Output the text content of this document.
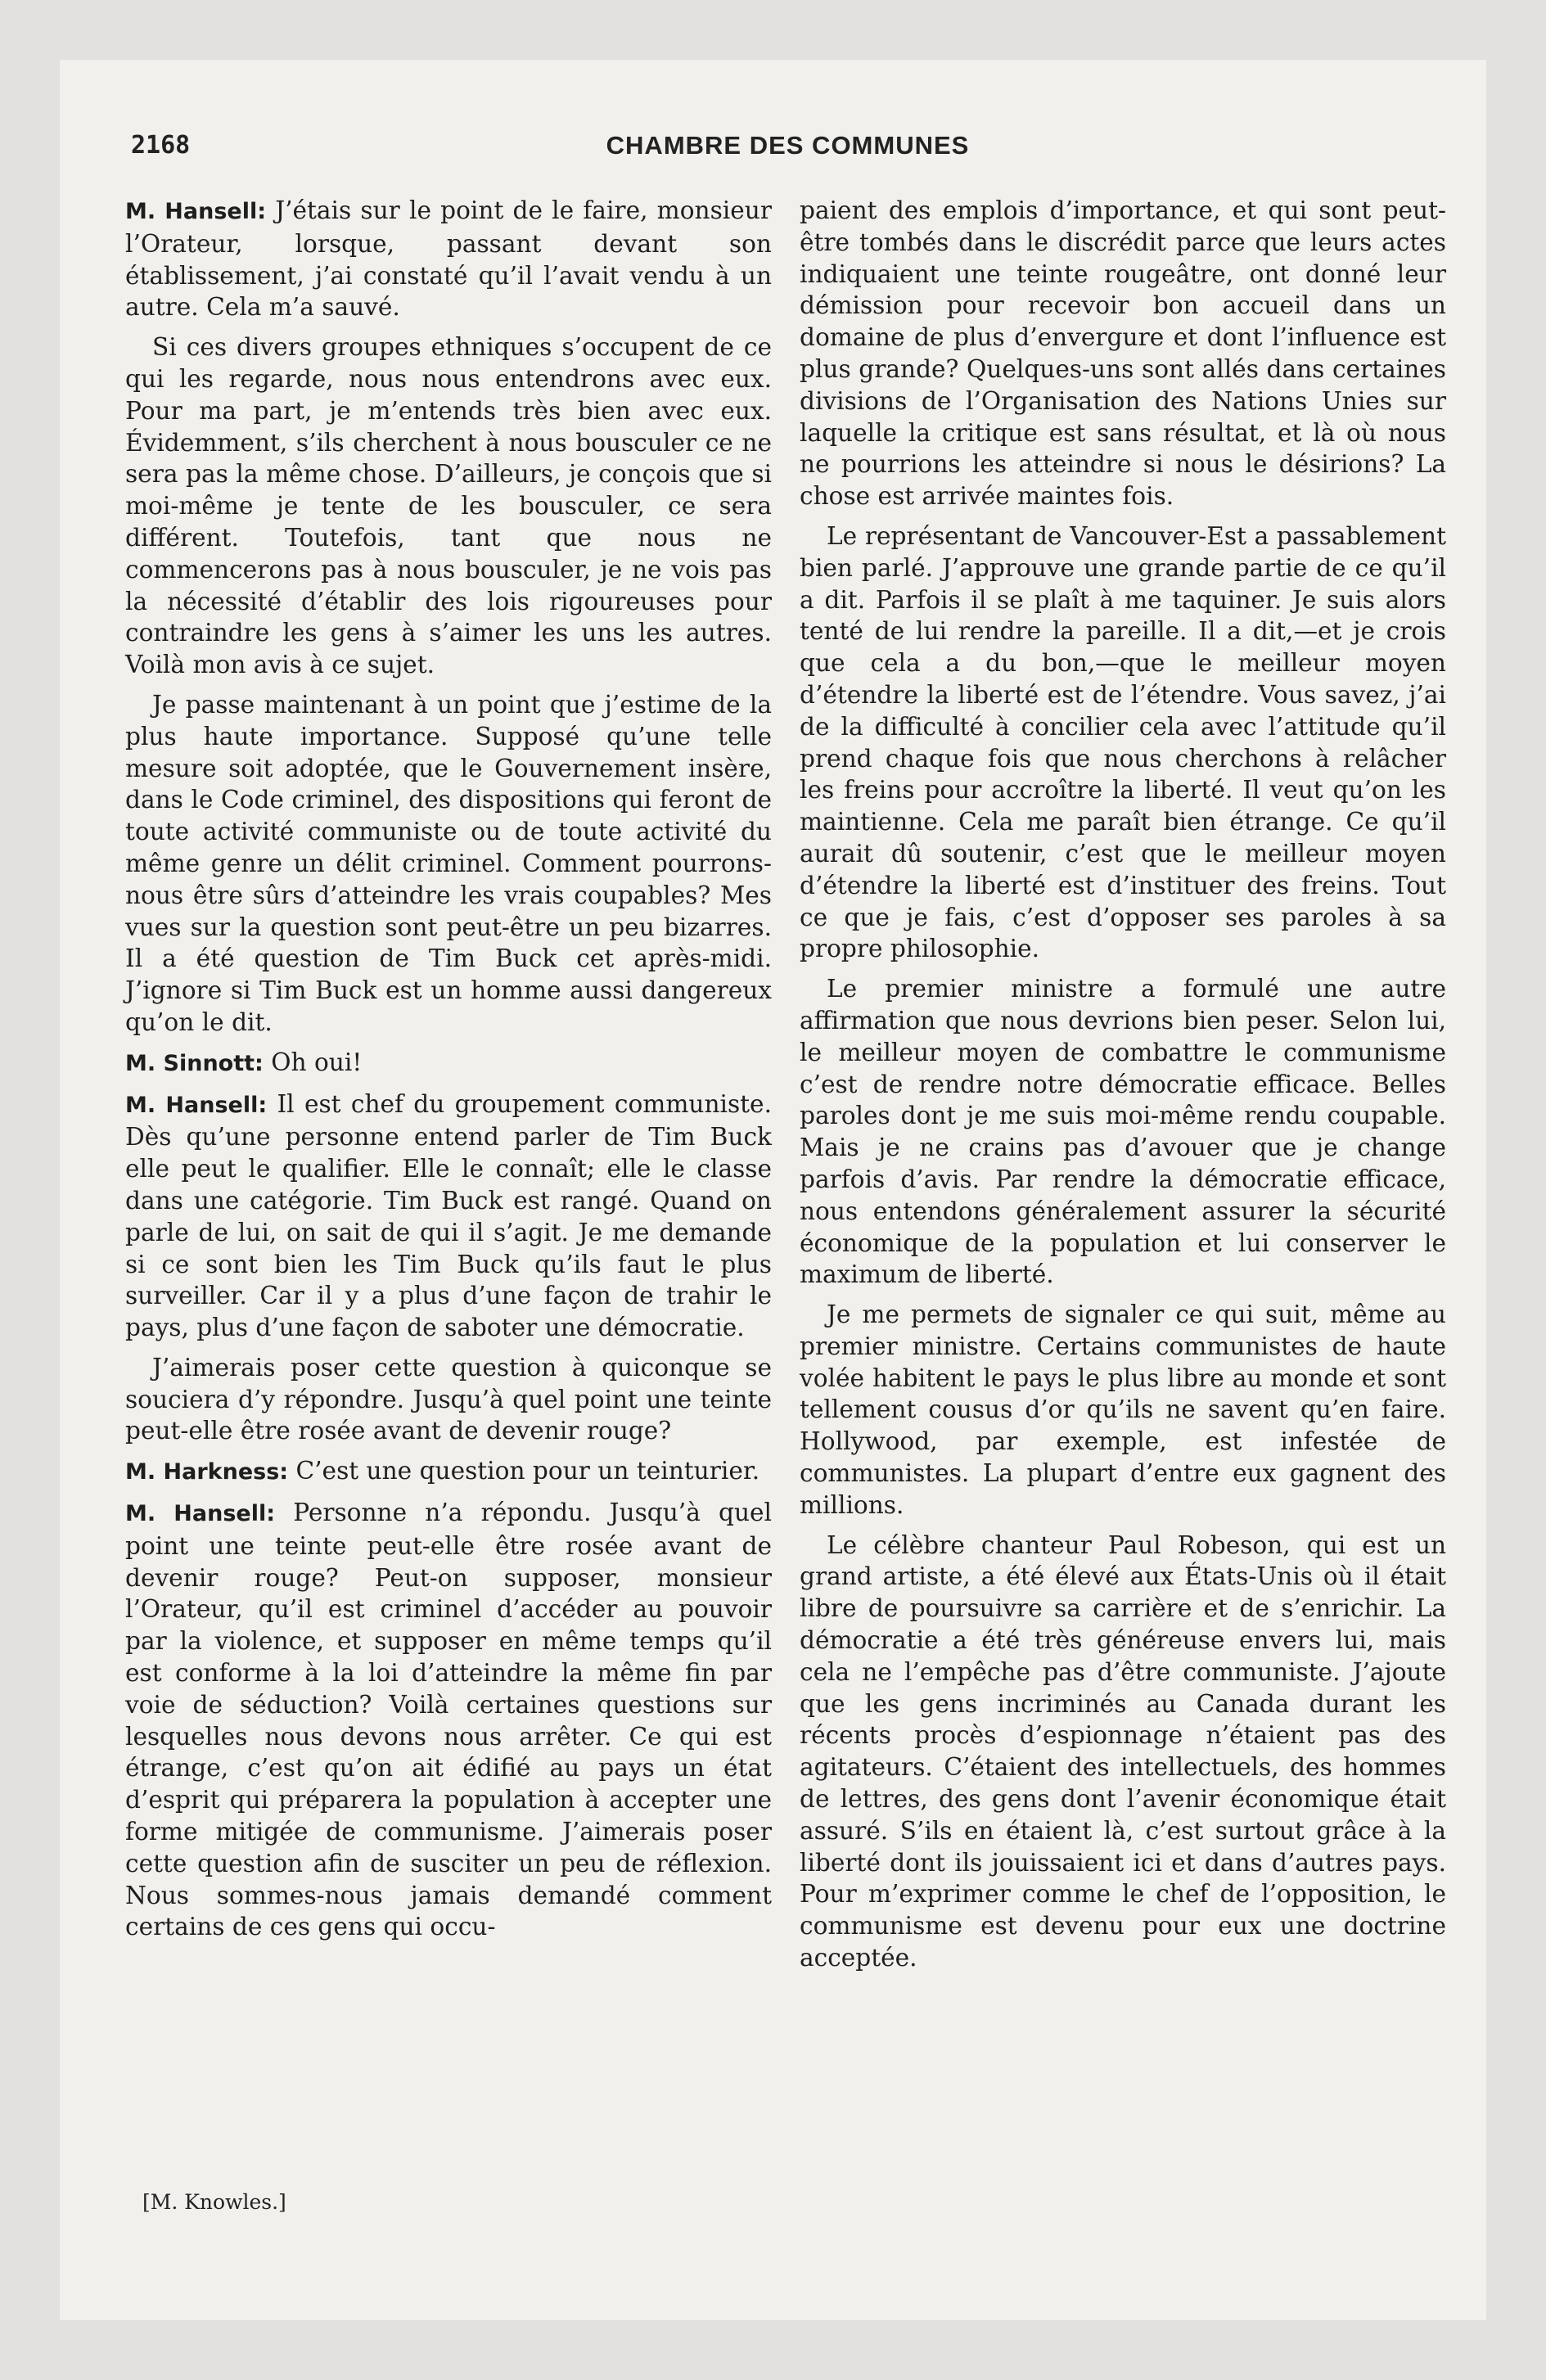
2168	CHAMBRE DES COMMUNES

M. Hansell: J’étais sur le point de le faire, monsieur l’Orateur, lorsque, passant devant son établissement, j’ai constaté qu’il l’avait vendu à un autre. Cela m’a sauvé.

Si ces divers groupes ethniques s’occupent de ce qui les regarde, nous nous entendrons avec eux. Pour ma part, je m’entends très bien avec eux. Évidemment, s’ils cherchent à nous bousculer ce ne sera pas la même chose. D’ailleurs, je conçois que si moi-même je tente de les bousculer, ce sera différent. Toutefois, tant que nous ne commencerons pas à nous bousculer, je ne vois pas la nécessité d’établir des lois rigoureuses pour contraindre les gens à s’aimer les uns les autres. Voilà mon avis à ce sujet.

Je passe maintenant à un point que j’estime de la plus haute importance. Supposé qu’une telle mesure soit adoptée, que le Gouvernement insère, dans le Code criminel, des dispositions qui feront de toute activité communiste ou de toute activité du même genre un délit criminel. Comment pourrons-nous être sûrs d’atteindre les vrais coupables? Mes vues sur la question sont peut-être un peu bizarres. Il a été question de Tim Buck cet après-midi. J’ignore si Tim Buck est un homme aussi dangereux qu’on le dit.

M. Sinnott: Oh oui!

M. Hansell: Il est chef du groupement communiste. Dès qu’une personne entend parler de Tim Buck elle peut le qualifier. Elle le connaît; elle le classe dans une catégorie. Tim Buck est rangé. Quand on parle de lui, on sait de qui il s’agit. Je me demande si ce sont bien les Tim Buck qu’ils faut le plus surveiller. Car il y a plus d’une façon de trahir le pays, plus d’une façon de saboter une démocratie.

J’aimerais poser cette question à quiconque se souciera d’y répondre. Jusqu’à quel point une teinte peut-elle être rosée avant de devenir rouge?

M. Harkness: C’est une question pour un teinturier.

M. Hansell: Personne n’a répondu. Jusqu’à quel point une teinte peut-elle être rosée avant de devenir rouge? Peut-on supposer, monsieur l’Orateur, qu’il est criminel d’accéder au pouvoir par la violence, et supposer en même temps qu’il est conforme à la loi d’atteindre la même fin par voie de séduction? Voilà certaines questions sur lesquelles nous devons nous arrêter. Ce qui est étrange, c’est qu’on ait édifié au pays un état d’esprit qui préparera la population à accepter une forme mitigée de communisme. J’aimerais poser cette question afin de susciter un peu de réflexion. Nous sommes-nous jamais demandé comment certains de ces gens qui occu-

paient des emplois d’importance, et qui sont peut-être tombés dans le discrédit parce que leurs actes indiquaient une teinte rougeâtre, ont donné leur démission pour recevoir bon accueil dans un domaine de plus d’envergure et dont l’influence est plus grande? Quelques-uns sont allés dans certaines divisions de l’Organisation des Nations Unies sur laquelle la critique est sans résultat, et là où nous ne pourrions les atteindre si nous le désirions? La chose est arrivée maintes fois.

Le représentant de Vancouver-Est a passablement bien parlé. J’approuve une grande partie de ce qu’il a dit. Parfois il se plaît à me taquiner. Je suis alors tenté de lui rendre la pareille. Il a dit,—et je crois que cela a du bon,—que le meilleur moyen d’étendre la liberté est de l’étendre. Vous savez, j’ai de la difficulté à concilier cela avec l’attitude qu’il prend chaque fois que nous cherchons à relâcher les freins pour accroître la liberté. Il veut qu’on les maintienne. Cela me paraît bien étrange. Ce qu’il aurait dû soutenir, c’est que le meilleur moyen d’étendre la liberté est d’instituer des freins. Tout ce que je fais, c’est d’opposer ses paroles à sa propre philosophie.

Le premier ministre a formulé une autre affirmation que nous devrions bien peser. Selon lui, le meilleur moyen de combattre le communisme c’est de rendre notre démocratie efficace. Belles paroles dont je me suis moi-même rendu coupable. Mais je ne crains pas d’avouer que je change parfois d’avis. Par rendre la démocratie efficace, nous entendons généralement assurer la sécurité économique de la population et lui conserver le maximum de liberté.

Je me permets de signaler ce qui suit, même au premier ministre. Certains communistes de haute volée habitent le pays le plus libre au monde et sont tellement cousus d’or qu’ils ne savent qu’en faire. Hollywood, par exemple, est infestée de communistes. La plupart d’entre eux gagnent des millions.

Le célèbre chanteur Paul Robeson, qui est un grand artiste, a été élevé aux États-Unis où il était libre de poursuivre sa carrière et de s’enrichir. La démocratie a été très généreuse envers lui, mais cela ne l’empêche pas d’être communiste. J’ajoute que les gens incriminés au Canada durant les récents procès d’espionnage n’étaient pas des agitateurs. C’étaient des intellectuels, des hommes de lettres, des gens dont l’avenir économique était assuré. S’ils en étaient là, c’est surtout grâce à la liberté dont ils jouissaient ici et dans d’autres pays. Pour m’exprimer comme le chef de l’opposition, le communisme est devenu pour eux une doctrine acceptée.

[M. Knowles.]
